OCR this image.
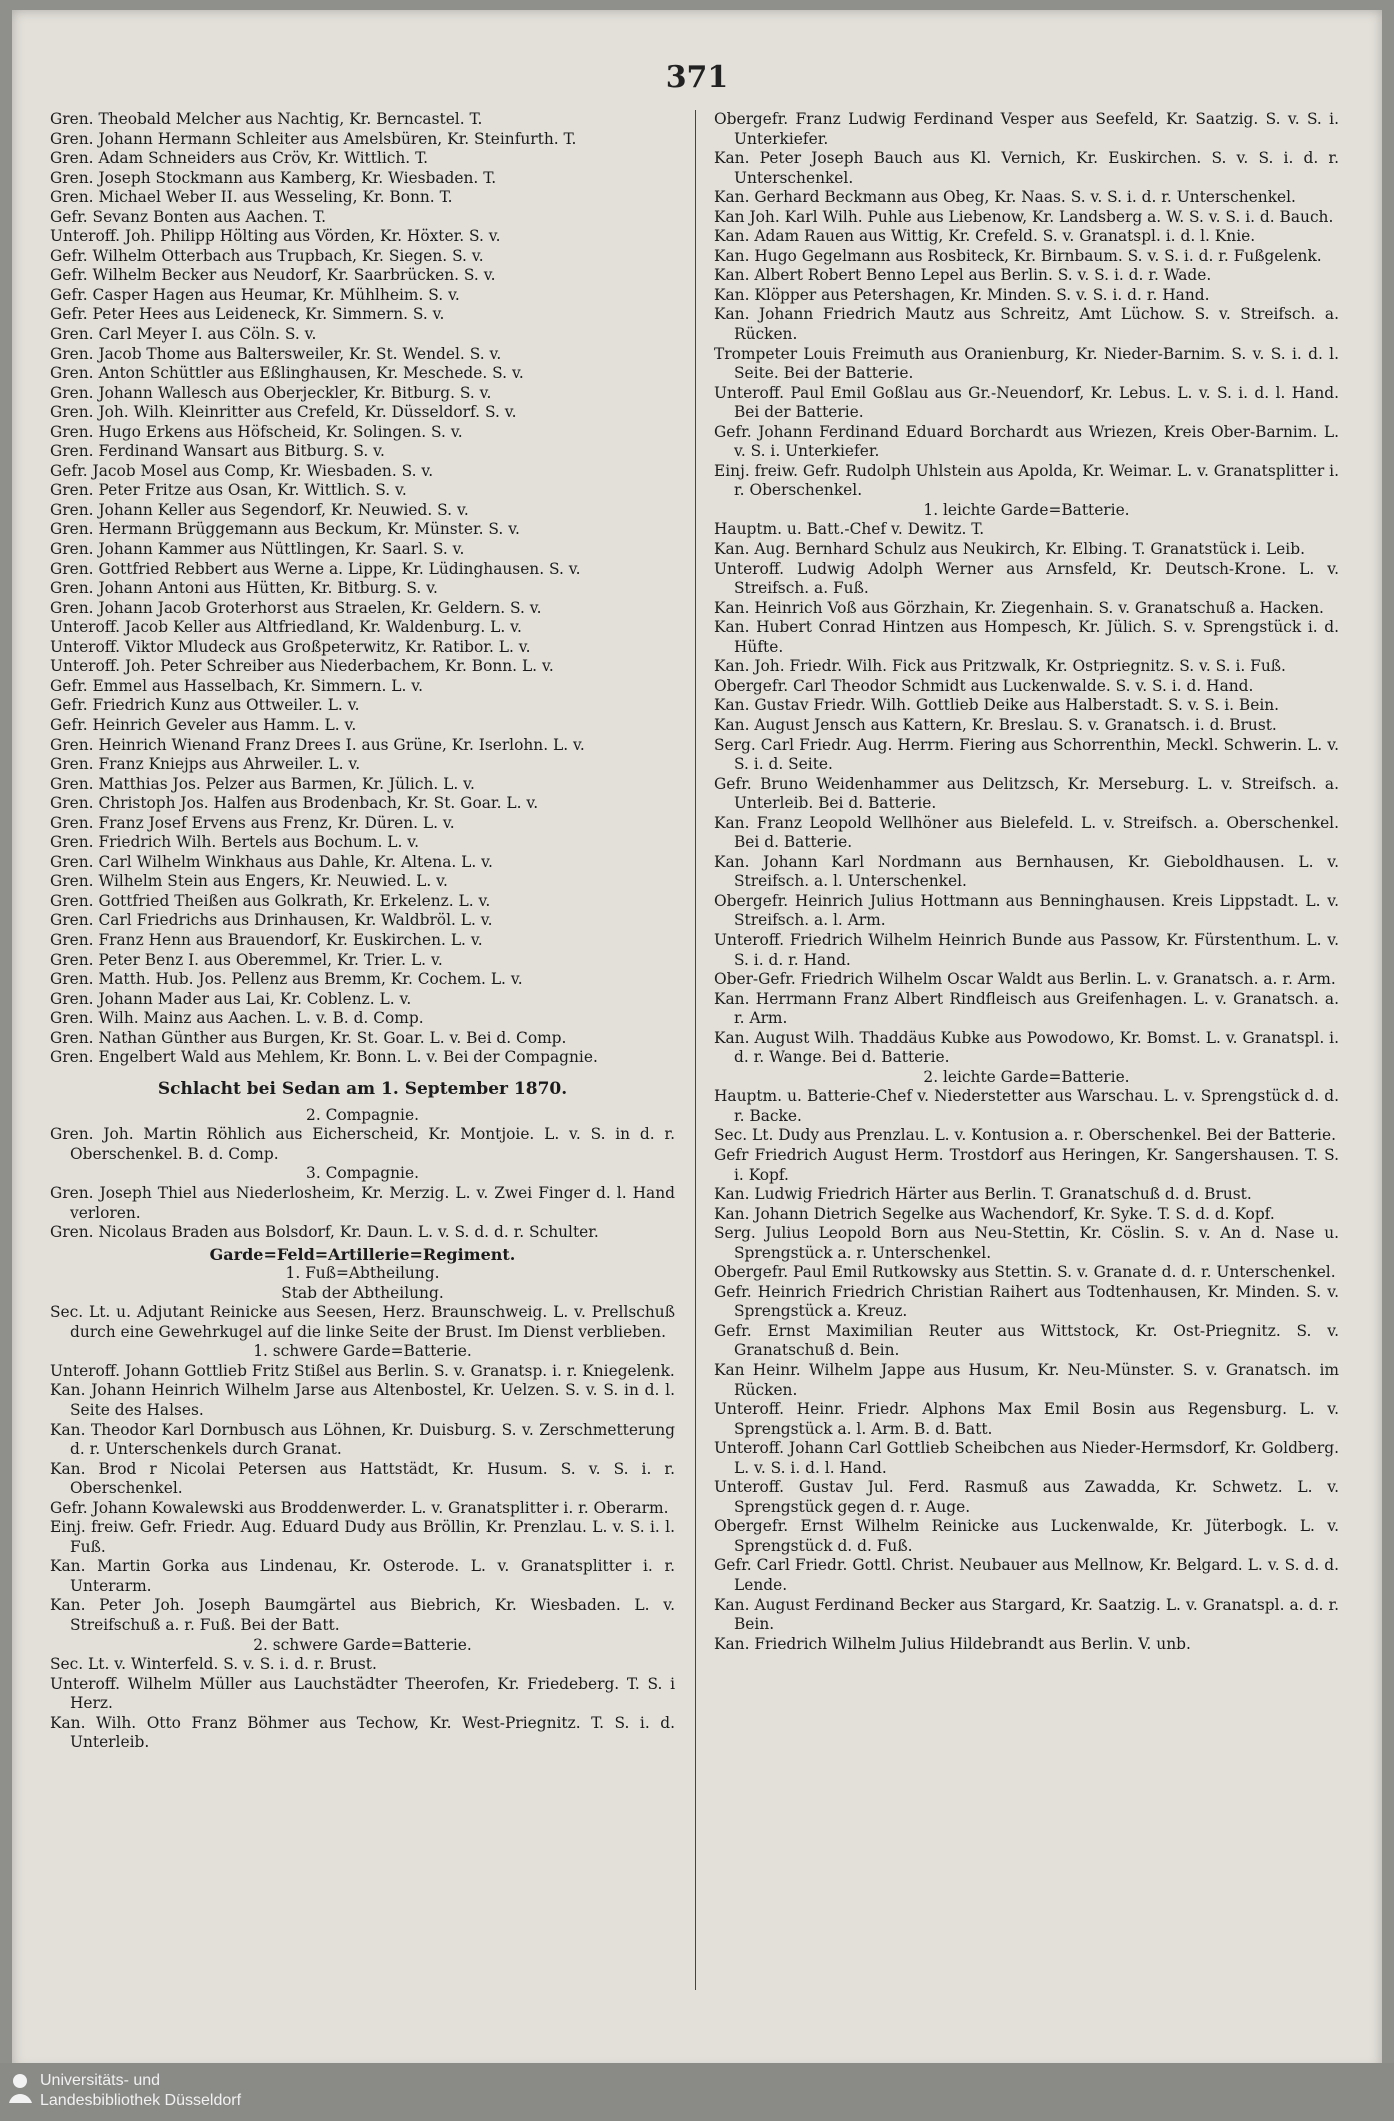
371
Gren. Theobald Melcher aus Nachtig, Kr. Berncastel. T.
Gren. Johann Hermann Schleiter aus Amelsbüren, Kr. Steinfurth. T.
Gren. Adam Schneiders aus Cröv, Kr. Wittlich. T.
Gren. Joseph Stockmann aus Kamberg, Kr. Wiesbaden. T.
Gren. Michael Weber II. aus Wesseling, Kr. Bonn. T.
Gefr. Sevanz Bonten aus Aachen. T.
Unteroff. Joh. Philipp Hölting aus Vörden, Kr. Höxter. S. v.
Gefr. Wilhelm Otterbach aus Trupbach, Kr. Siegen. S. v.
Gefr. Wilhelm Becker aus Neudorf, Kr. Saarbrücken. S. v.
Gefr. Casper Hagen aus Heumar, Kr. Mühlheim. S. v.
Gefr. Peter Hees aus Leideneck, Kr. Simmern. S. v.
Gren. Carl Meyer I. aus Cöln. S. v.
Gren. Jacob Thome aus Baltersweiler, Kr. St. Wendel. S. v.
Gren. Anton Schüttler aus Eßlinghausen, Kr. Meschede. S. v.
Gren. Johann Wallesch aus Oberjeckler, Kr. Bitburg. S. v.
Gren. Joh. Wilh. Kleinritter aus Crefeld, Kr. Düsseldorf. S. v.
Gren. Hugo Erkens aus Höfscheid, Kr. Solingen. S. v.
Gren. Ferdinand Wansart aus Bitburg. S. v.
Gefr. Jacob Mosel aus Comp, Kr. Wiesbaden. S. v.
Gren. Peter Fritze aus Osan, Kr. Wittlich. S. v.
Gren. Johann Keller aus Segendorf, Kr. Neuwied. S. v.
Gren. Hermann Brüggemann aus Beckum, Kr. Münster. S. v.
Gren. Johann Kammer aus Nüttlingen, Kr. Saarl. S. v.
Gren. Gottfried Rebbert aus Werne a. Lippe, Kr. Lüdinghausen. S. v.
Gren. Johann Antoni aus Hütten, Kr. Bitburg. S. v.
Gren. Johann Jacob Groterhorst aus Straelen, Kr. Geldern. S. v.
Unteroff. Jacob Keller aus Altfriedland, Kr. Waldenburg. L. v.
Unteroff. Viktor Mludeck aus Großpeterwitz, Kr. Ratibor. L. v.
Unteroff. Joh. Peter Schreiber aus Niederbachem, Kr. Bonn. L. v.
Gefr. Emmel aus Hasselbach, Kr. Simmern. L. v.
Gefr. Friedrich Kunz aus Ottweiler. L. v.
Gefr. Heinrich Geveler aus Hamm. L. v.
Gren. Heinrich Wienand Franz Drees I. aus Grüne, Kr. Iserlohn. L. v.
Gren. Franz Kniejps aus Ahrweiler. L. v.
Gren. Matthias Jos. Pelzer aus Barmen, Kr. Jülich. L. v.
Gren. Christoph Jos. Halfen aus Brodenbach, Kr. St. Goar. L. v.
Gren. Franz Josef Ervens aus Frenz, Kr. Düren. L. v.
Gren. Friedrich Wilh. Bertels aus Bochum. L. v.
Gren. Carl Wilhelm Winkhaus aus Dahle, Kr. Altena. L. v.
Gren. Wilhelm Stein aus Engers, Kr. Neuwied. L. v.
Gren. Gottfried Theißen aus Golkrath, Kr. Erkelenz. L. v.
Gren. Carl Friedrichs aus Drinhausen, Kr. Waldbröl. L. v.
Gren. Franz Henn aus Brauendorf, Kr. Euskirchen. L. v.
Gren. Peter Benz I. aus Oberemmel, Kr. Trier. L. v.
Gren. Matth. Hub. Jos. Pellenz aus Bremm, Kr. Cochem. L. v.
Gren. Johann Mader aus Lai, Kr. Coblenz. L. v.
Gren. Wilh. Mainz aus Aachen. L. v. B. d. Comp.
Gren. Nathan Günther aus Burgen, Kr. St. Goar. L. v. Bei d. Comp.
Gren. Engelbert Wald aus Mehlem, Kr. Bonn. L. v. Bei der Compagnie.
Schlacht bei Sedan am 1. September 1870.
2. Compagnie.
Gren. Joh. Martin Röhlich aus Eicherscheid, Kr. Montjoie. L. v. S. in d. r. Oberschenkel. B. d. Comp.
3. Compagnie.
Gren. Joseph Thiel aus Niederlosheim, Kr. Merzig. L. v. Zwei Finger d. l. Hand verloren.
Gren. Nicolaus Braden aus Bolsdorf, Kr. Daun. L. v. S. d. d. r. Schulter.
Garde=Feld=Artillerie=Regiment.
1. Fuß=Abtheilung.
Stab der Abtheilung.
Sec. Lt. u. Adjutant Reinicke aus Seesen, Herz. Braunschweig. L. v. Prellschuß durch eine Gewehrkugel auf die linke Seite der Brust. Im Dienst verblieben.
1. schwere Garde=Batterie.
Unteroff. Johann Gottlieb Fritz Stißel aus Berlin. S. v. Granatsp. i. r. Kniegelenk.
Kan. Johann Heinrich Wilhelm Jarse aus Altenbostel, Kr. Uelzen. S. v. S. in d. l. Seite des Halses.
Kan. Theodor Karl Dornbusch aus Löhnen, Kr. Duisburg. S. v. Zerschmetterung d. r. Unterschenkels durch Granat.
Kan. Brod r Nicolai Petersen aus Hattstädt, Kr. Husum. S. v. S. i. r. Oberschenkel.
Gefr. Johann Kowalewski aus Broddenwerder. L. v. Granatsplitter i. r. Oberarm.
Einj. freiw. Gefr. Friedr. Aug. Eduard Dudy aus Bröllin, Kr. Prenzlau. L. v. S. i. l. Fuß.
Kan. Martin Gorka aus Lindenau, Kr. Osterode. L. v. Granatsplitter i. r. Unterarm.
Kan. Peter Joh. Joseph Baumgärtel aus Biebrich, Kr. Wiesbaden. L. v. Streifschuß a. r. Fuß. Bei der Batt.
2. schwere Garde=Batterie.
Sec. Lt. v. Winterfeld. S. v. S. i. d. r. Brust.
Unteroff. Wilhelm Müller aus Lauchstädter Theerofen, Kr. Friedeberg. T. S. i Herz.
Kan. Wilh. Otto Franz Böhmer aus Techow, Kr. West-Priegnitz. T. S. i. d. Unterleib.
Obergefr. Franz Ludwig Ferdinand Vesper aus Seefeld, Kr. Saatzig. S. v. S. i. Unterkiefer.
Kan. Peter Joseph Bauch aus Kl. Vernich, Kr. Euskirchen. S. v. S. i. d. r. Unterschenkel.
Kan. Gerhard Beckmann aus Obeg, Kr. Naas. S. v. S. i. d. r. Unterschenkel.
Kan Joh. Karl Wilh. Puhle aus Liebenow, Kr. Landsberg a. W. S. v. S. i. d. Bauch.
Kan. Adam Rauen aus Wittig, Kr. Crefeld. S. v. Granatspl. i. d. l. Knie.
Kan. Hugo Gegelmann aus Rosbiteck, Kr. Birnbaum. S. v. S. i. d. r. Fußgelenk.
Kan. Albert Robert Benno Lepel aus Berlin. S. v. S. i. d. r. Wade.
Kan. Klöpper aus Petershagen, Kr. Minden. S. v. S. i. d. r. Hand.
Kan. Johann Friedrich Mautz aus Schreitz, Amt Lüchow. S. v. Streifsch. a. Rücken.
Trompeter Louis Freimuth aus Oranienburg, Kr. Nieder-Barnim. S. v. S. i. d. l. Seite. Bei der Batterie.
Unteroff. Paul Emil Goßlau aus Gr.-Neuendorf, Kr. Lebus. L. v. S. i. d. l. Hand. Bei der Batterie.
Gefr. Johann Ferdinand Eduard Borchardt aus Wriezen, Kreis Ober-Barnim. L. v. S. i. Unterkiefer.
Einj. freiw. Gefr. Rudolph Uhlstein aus Apolda, Kr. Weimar. L. v. Granatsplitter i. r. Oberschenkel.
1. leichte Garde=Batterie.
Hauptm. u. Batt.-Chef v. Dewitz. T.
Kan. Aug. Bernhard Schulz aus Neukirch, Kr. Elbing. T. Granatstück i. Leib.
Unteroff. Ludwig Adolph Werner aus Arnsfeld, Kr. Deutsch-Krone. L. v. Streifsch. a. Fuß.
Kan. Heinrich Voß aus Görzhain, Kr. Ziegenhain. S. v. Granatschuß a. Hacken.
Kan. Hubert Conrad Hintzen aus Hompesch, Kr. Jülich. S. v. Sprengstück i. d. Hüfte.
Kan. Joh. Friedr. Wilh. Fick aus Pritzwalk, Kr. Ostpriegnitz. S. v. S. i. Fuß.
Obergefr. Carl Theodor Schmidt aus Luckenwalde. S. v. S. i. d. Hand.
Kan. Gustav Friedr. Wilh. Gottlieb Deike aus Halberstadt. S. v. S. i. Bein.
Kan. August Jensch aus Kattern, Kr. Breslau. S. v. Granatsch. i. d. Brust.
Serg. Carl Friedr. Aug. Herrm. Fiering aus Schorrenthin, Meckl. Schwerin. L. v. S. i. d. Seite.
Gefr. Bruno Weidenhammer aus Delitzsch, Kr. Merseburg. L. v. Streifsch. a. Unterleib. Bei d. Batterie.
Kan. Franz Leopold Wellhöner aus Bielefeld. L. v. Streifsch. a. Oberschenkel. Bei d. Batterie.
Kan. Johann Karl Nordmann aus Bernhausen, Kr. Gieboldhausen. L. v. Streifsch. a. l. Unterschenkel.
Obergefr. Heinrich Julius Hottmann aus Benninghausen. Kreis Lippstadt. L. v. Streifsch. a. l. Arm.
Unteroff. Friedrich Wilhelm Heinrich Bunde aus Passow, Kr. Fürstenthum. L. v. S. i. d. r. Hand.
Ober-Gefr. Friedrich Wilhelm Oscar Waldt aus Berlin. L. v. Granatsch. a. r. Arm.
Kan. Herrmann Franz Albert Rindfleisch aus Greifenhagen. L. v. Granatsch. a. r. Arm.
Kan. August Wilh. Thaddäus Kubke aus Powodowo, Kr. Bomst. L. v. Granatspl. i. d. r. Wange. Bei d. Batterie.
2. leichte Garde=Batterie.
Hauptm. u. Batterie-Chef v. Niederstetter aus Warschau. L. v. Sprengstück d. d. r. Backe.
Sec. Lt. Dudy aus Prenzlau. L. v. Kontusion a. r. Oberschenkel. Bei der Batterie.
Gefr Friedrich August Herm. Trostdorf aus Heringen, Kr. Sangershausen. T. S. i. Kopf.
Kan. Ludwig Friedrich Härter aus Berlin. T. Granatschuß d. d. Brust.
Kan. Johann Dietrich Segelke aus Wachendorf, Kr. Syke. T. S. d. d. Kopf.
Serg. Julius Leopold Born aus Neu-Stettin, Kr. Cöslin. S. v. An d. Nase u. Sprengstück a. r. Unterschenkel.
Obergefr. Paul Emil Rutkowsky aus Stettin. S. v. Granate d. d. r. Unterschenkel.
Gefr. Heinrich Friedrich Christian Raihert aus Todtenhausen, Kr. Minden. S. v. Sprengstück a. Kreuz.
Gefr. Ernst Maximilian Reuter aus Wittstock, Kr. Ost-Priegnitz. S. v. Granatschuß d. Bein.
Kan Heinr. Wilhelm Jappe aus Husum, Kr. Neu-Münster. S. v. Granatsch. im Rücken.
Unteroff. Heinr. Friedr. Alphons Max Emil Bosin aus Regensburg. L. v. Sprengstück a. l. Arm. B. d. Batt.
Unteroff. Johann Carl Gottlieb Scheibchen aus Nieder-Hermsdorf, Kr. Goldberg. L. v. S. i. d. l. Hand.
Unteroff. Gustav Jul. Ferd. Rasmuß aus Zawadda, Kr. Schwetz. L. v. Sprengstück gegen d. r. Auge.
Obergefr. Ernst Wilhelm Reinicke aus Luckenwalde, Kr. Jüterbogk. L. v. Sprengstück d. d. Fuß.
Gefr. Carl Friedr. Gottl. Christ. Neubauer aus Mellnow, Kr. Belgard. L. v. S. d. d. Lende.
Kan. August Ferdinand Becker aus Stargard, Kr. Saatzig. L. v. Granatspl. a. d. r. Bein.
Kan. Friedrich Wilhelm Julius Hildebrandt aus Berlin. V. unb.
Universitäts- und
Landesbibliothek Düsseldorf
